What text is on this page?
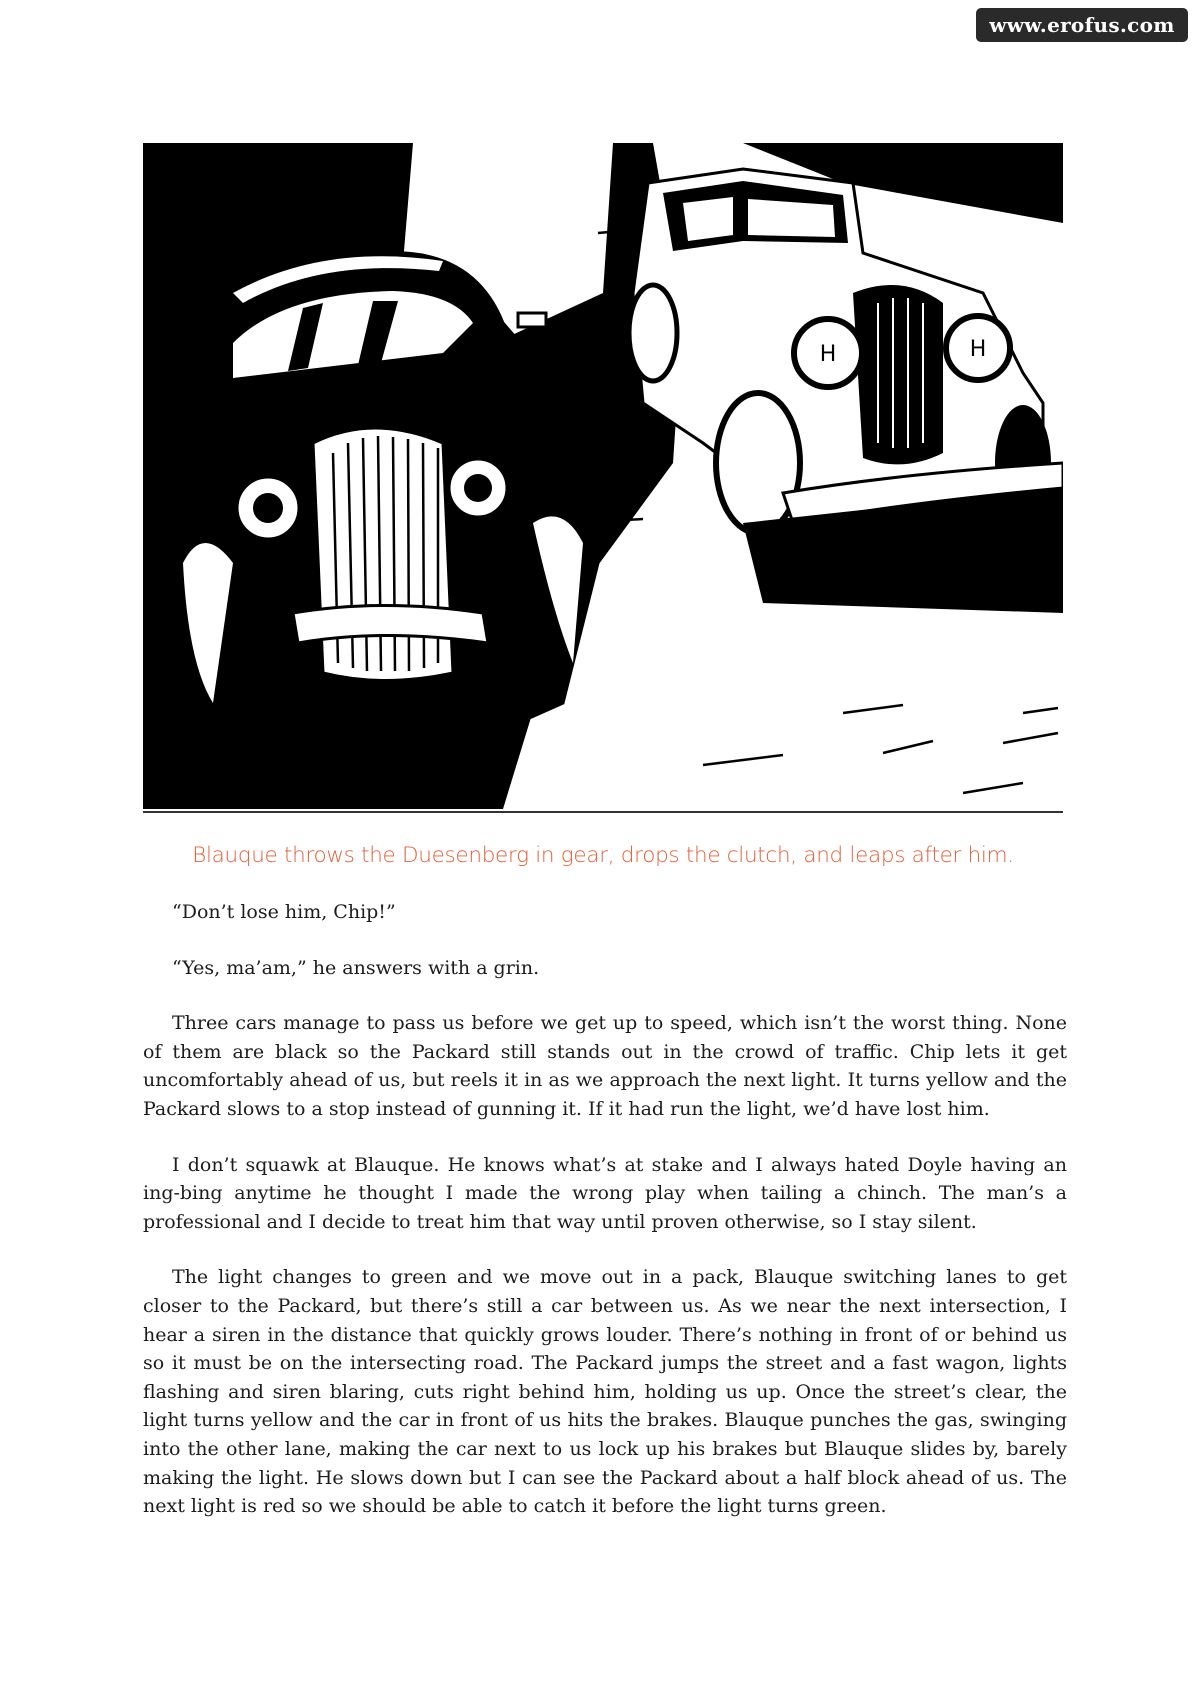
www.erofus.com
H	H
Blauque throws the Duesenberg in gear, drops the clutch, and leaps after him.

“Don’t lose him, Chip!”

“Yes, ma’am,” he answers with a grin.

Three cars manage to pass us before we get up to speed, which isn’t the worst thing. None of them are black so the Packard still stands out in the crowd of traffic. Chip lets it get uncomfortably ahead of us, but reels it in as we approach the next light. It turns yellow and the Packard slows to a stop instead of gunning it. If it had run the light, we’d have lost him.

I don’t squawk at Blauque. He knows what’s at stake and I always hated Doyle having an ing-bing anytime he thought I made the wrong play when tailing a chinch. The man’s a professional and I decide to treat him that way until proven otherwise, so I stay silent.

The light changes to green and we move out in a pack, Blauque switching lanes to get closer to the Packard, but there’s still a car between us. As we near the next intersection, I hear a siren in the distance that quickly grows louder. There’s nothing in front of or behind us so it must be on the intersecting road. The Packard jumps the street and a fast wagon, lights flashing and siren blaring, cuts right behind him, holding us up. Once the street’s clear, the light turns yellow and the car in front of us hits the brakes. Blauque punches the gas, swinging into the other lane, making the car next to us lock up his brakes but Blauque slides by, barely making the light. He slows down but I can see the Packard about a half block ahead of us. The next light is red so we should be able to catch it before the light turns green.
